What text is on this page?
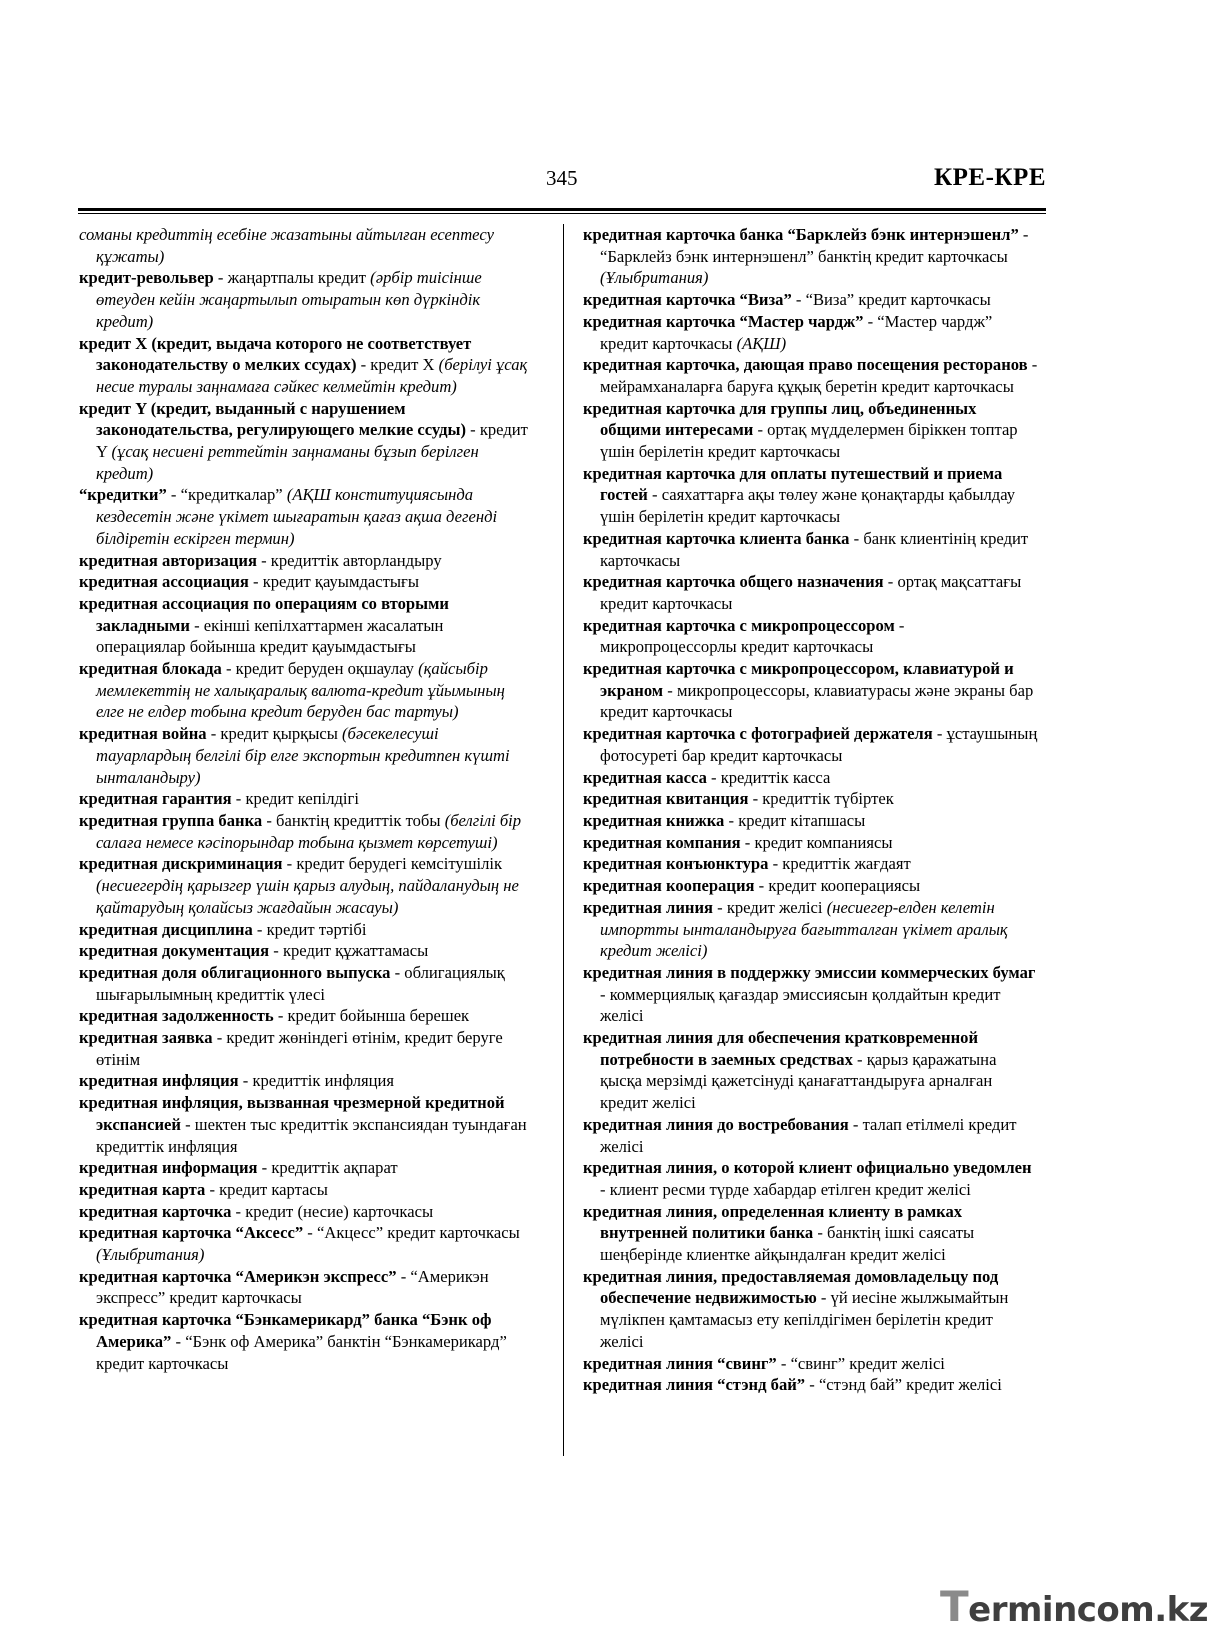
345	КРЕ-КРЕ

соманы кредиттің есебіне жазатыны айтылған есептесу құжаты)

кредит-револьвер - жаңартпалы кредит (әрбір тиісінше өтеуден кейін жаңартылып отыратын көп дүркіндік кредит)

кредит X (кредит, выдача которого не соответствует законодательству о мелких ссудах) - кредит X (берілуі ұсақ несие туралы заңнамаға сәйкес келмейтін кредит)

кредит Y (кредит, выданный с нарушением законодательства, регулирующего мелкие ссуды) - кредит Y (ұсақ несиені реттейтін заңнаманы бұзып берілген кредит)

“кредитки” - “кредиткалар” (АҚШ конституциясында кездесетін және үкімет шығаратын қағаз ақша дегенді білдіретін ескірген термин)

кредитная авторизация - кредиттік авторландыру

кредитная ассоциация - кредит қауымдастығы

кредитная ассоциация по операциям со вторыми закладными - екінші кепілхаттармен жасалатын операциялар бойынша кредит қауымдастығы

кредитная блокада - кредит беруден оқшаулау (қайсыбір мемлекеттің не халықаралық валюта-кредит ұйымының елге не елдер тобына кредит беруден бас тартуы)

кредитная война - кредит қырқысы (бәсекелесуші тауарлардың белгілі бір елге экспортын кредитпен күшті ынталандыру)

кредитная гарантия - кредит кепілдігі

кредитная группа банка - банктің кредиттік тобы (белгілі бір салаға немесе кәсіпорындар тобына қызмет көрсетуші)

кредитная дискриминация - кредит берудегі кемсітушілік (несиегердің қарызгер үшін қарыз алудың, пайдаланудың не қайтарудың қолайсыз жағдайын жасауы)

кредитная дисциплина - кредит тәртібі

кредитная документация - кредит құжаттамасы

кредитная доля облигационного выпуска - облигациялық шығарылымның кредиттік үлесі

кредитная задолженность - кредит бойынша берешек

кредитная заявка - кредит жөніндегі өтінім, кредит беруге өтінім

кредитная инфляция - кредиттік инфляция

кредитная инфляция, вызванная чрезмерной кредитной экспансией - шектен тыс кредиттік экспансиядан туындаған кредиттік инфляция

кредитная информация - кредиттік ақпарат

кредитная карта - кредит картасы

кредитная карточка - кредит (несие) карточкасы

кредитная карточка “Аксесс” - “Акцесс” кредит карточкасы (Ұлыбритания)

кредитная карточка “Америкэн экспресс” - “Америкэн экспресс” кредит карточкасы

кредитная карточка “Бэнкамерикард” банка “Бэнк оф Америка” - “Бэнк оф Америка” банктін “Бэнкамерикард” кредит карточкасы

кредитная карточка банка “Барклейз бэнк интернэшенл” - “Барклейз бэнк интернэшенл” банктің кредит карточкасы (Ұлыбритания)

кредитная карточка “Виза” - “Виза” кредит карточкасы

кредитная карточка “Мастер чардж” - “Мастер чардж” кредит карточкасы (АҚШ)

кредитная карточка, дающая право посещения ресторанов - мейрамханаларға баруға құқық беретін кредит карточкасы

кредитная карточка для группы лиц, объединенных общими интересами - ортақ мүдделермен біріккен топтар үшін берілетін кредит карточкасы

кредитная карточка для оплаты путешествий и приема гостей - саяхаттарға ақы төлеу және қонақтарды қабылдау үшін берілетін кредит карточкасы

кредитная карточка клиента банка - банк клиентінің кредит карточкасы

кредитная карточка общего назначения - ортақ мақсаттағы кредит карточкасы

кредитная карточка с микропроцессором - микропроцессорлы кредит карточкасы

кредитная карточка с микропроцессором, клавиатурой и экраном - микропроцессоры, клавиатурасы және экраны бар кредит карточкасы

кредитная карточка с фотографией держателя - ұстаушының фотосуреті бар кредит карточкасы

кредитная касса - кредиттік касса

кредитная квитанция - кредиттік түбіртек

кредитная книжка - кредит кітапшасы

кредитная компания - кредит компаниясы

кредитная конъюнктура - кредиттік жағдаят

кредитная кооперация - кредит кооперациясы

кредитная линия - кредит желісі (несиегер-елден келетін импортты ынталандыруға бағытталған үкімет аралық кредит желісі)

кредитная линия в поддержку эмиссии коммерческих бумаг - коммерциялық қағаздар эмиссиясын қолдайтын кредит желісі

кредитная линия для обеспечения кратковременной потребности в заемных средствах - қарыз қаражатына қысқа мерзімді қажетсінуді қанағаттандыруға арналған кредит желісі

кредитная линия до востребования - талап етілмелі кредит желісі

кредитная линия, о которой клиент официально уведомлен - клиент ресми түрде хабардар етілген кредит желісі

кредитная линия, определенная клиенту в рамках внутренней политики банка - банктің ішкі саясаты шеңберінде клиентке айқындалған кредит желісі

кредитная линия, предоставляемая домовладельцу под обеспечение недвижимостью - үй иесіне жылжымайтын мүлікпен қамтамасыз ету кепілдігімен берілетін кредит желісі

кредитная линия “свинг” - “свинг” кредит желісі

кредитная линия “стэнд бай” - “стэнд бай” кредит желісі

Termincom.kz
